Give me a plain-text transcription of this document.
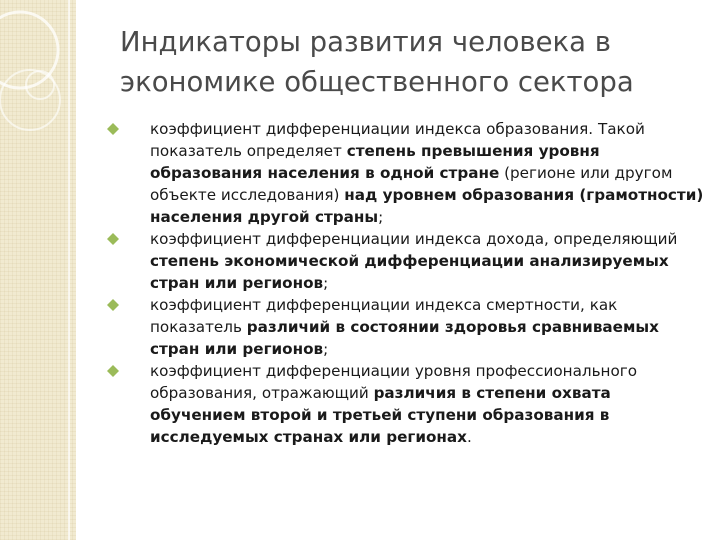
Индикаторы развития человека в экономике общественного сектора
коэффициент дифференциации индекса образования. Такой показатель определяет степень превышения уровня образования населения в одной стране (регионе или другом объекте исследования) над уровнем образования (грамотности) населения другой страны;
коэффициент дифференциации индекса дохода, определяющий степень экономической дифференциации анализируемых стран или регионов;
коэффициент дифференциации индекса смертности, как показатель различий в состоянии здоровья сравниваемых стран или регионов;
коэффициент дифференциации уровня профессионального образования, отражающий различия в степени охвата обучением второй и третьей ступени образования в исследуемых странах или регионах.
